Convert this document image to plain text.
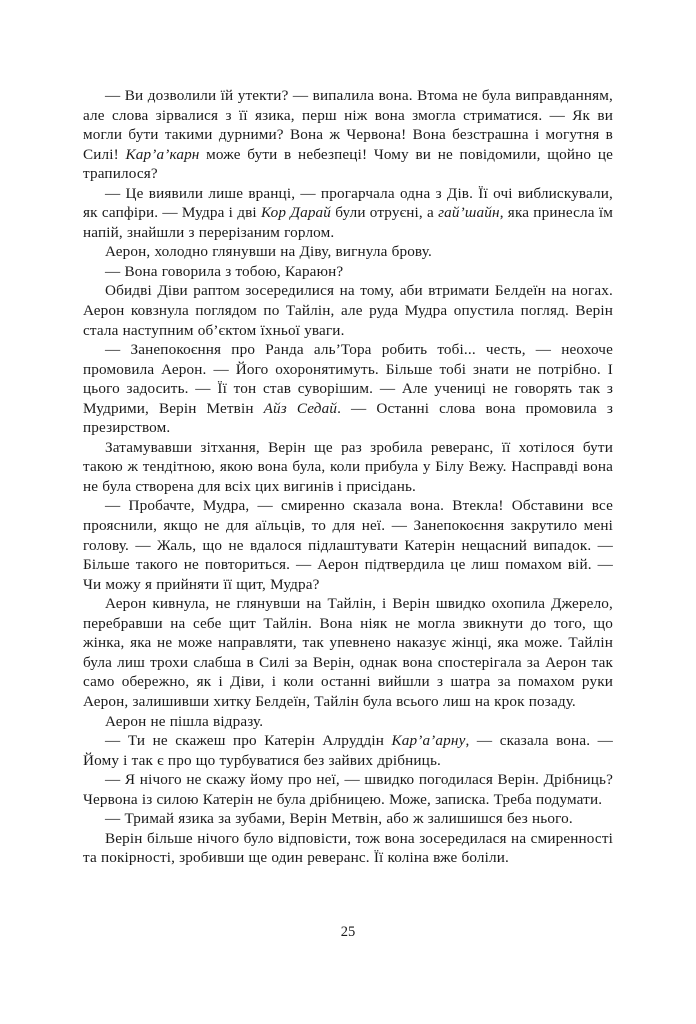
— Ви дозволили їй утекти? — випалила вона. Втома не була виправданням, але слова зірвалися з її язика, перш ніж вона змогла стриматися. — Як ви могли бути такими дурними? Вона ж Червона! Вона безстрашна і могутня в Силі! Кар’а’карн може бути в небезпеці! Чому ви не повідомили, щойно це трапилося?

— Це виявили лише вранці, — прогарчала одна з Дів. Її очі виблискували, як сапфіри. — Мудра і дві Кор Дарай були отруєні, а гай’шайн, яка принесла їм напій, знайшли з перерізаним горлом.

Аерон, холодно глянувши на Діву, вигнула брову.

— Вона говорила з тобою, Караюн?

Обидві Діви раптом зосередилися на тому, аби втримати Белдеїн на ногах. Аерон ковзнула поглядом по Тайлін, але руда Мудра опустила погляд. Верін стала наступним об’єктом їхньої уваги.

— Занепокоєння про Ранда аль’Тора робить тобі... честь, — неохоче промовила Аерон. — Його охоронятимуть. Більше тобі знати не потрібно. І цього задосить. — Її тон став суворішим. — Але учениці не говорять так з Мудрими, Верін Метвін Айз Седай. — Останні слова вона промовила з презирством.

Затамувавши зітхання, Верін ще раз зробила реверанс, її хотілося бути такою ж тендітною, якою вона була, коли прибула у Білу Вежу. Насправді вона не була створена для всіх цих вигинів і присідань.

— Пробачте, Мудра, — смиренно сказала вона. Втекла! Обставини все прояснили, якщо не для аїльців, то для неї. — Занепокоєння закрутило мені голову. — Жаль, що не вдалося підлаштувати Катерін нещасний випадок. — Більше такого не повториться. — Аерон підтвердила це лиш помахом вій. — Чи можу я прийняти її щит, Мудра?

Аерон кивнула, не глянувши на Тайлін, і Верін швидко охопила Джерело, перебравши на себе щит Тайлін. Вона ніяк не могла звикнути до того, що жінка, яка не може направляти, так упевнено наказує жінці, яка може. Тайлін була лиш трохи слабша в Силі за Верін, однак вона спостерігала за Аерон так само обережно, як і Діви, і коли останні вийшли з шатра за помахом руки Аерон, залишивши хитку Белдеїн, Тайлін була всього лиш на крок позаду.

Аерон не пішла відразу.

— Ти не скажеш про Катерін Алруддін Кар’а’арну, — сказала вона. — Йому і так є про що турбуватися без зайвих дрібниць.

— Я нічого не скажу йому про неї, — швидко погодилася Верін. Дрібниць? Червона із силою Катерін не була дрібницею. Може, записка. Треба подумати.

— Тримай язика за зубами, Верін Метвін, або ж залишишся без нього.

Верін більше нічого було відповісти, тож вона зосередилася на смиренності та покірності, зробивши ще один реверанс. Її коліна вже боліли.

25
